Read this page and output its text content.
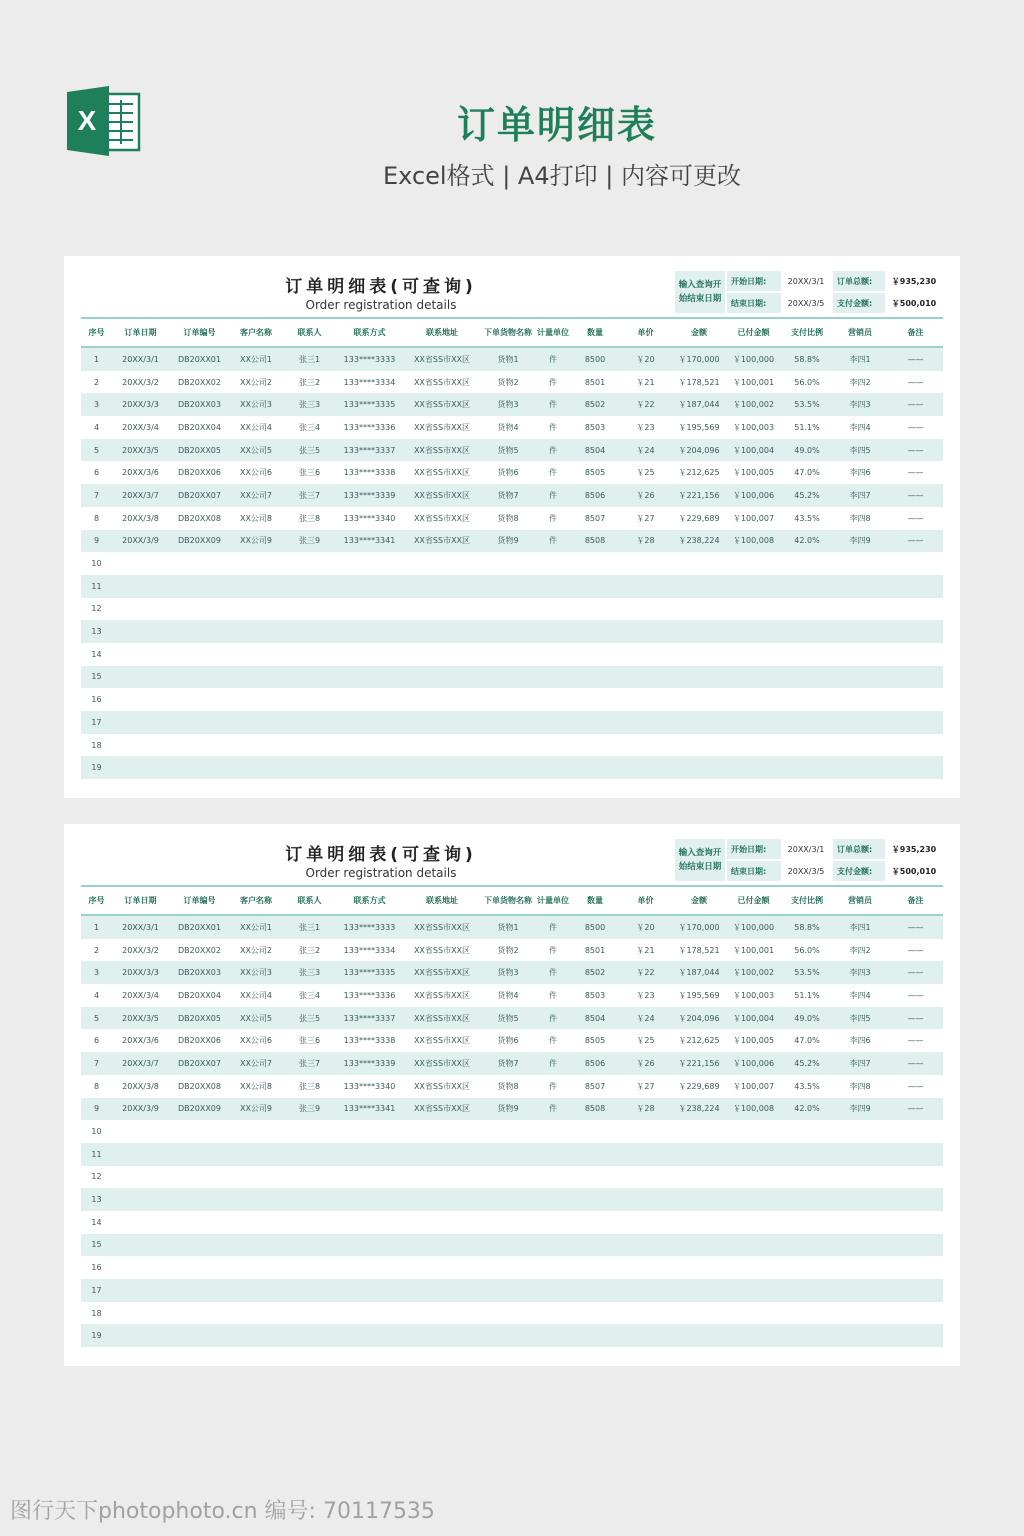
X	订单明细表
Excel格式 | A4打印 | 内容可更改
订单明细表(可查询)
Order registration details
输入查询开
始结束日期
开始日期:	20XX/3/1	订单总额:	￥935,230
结束日期:	20XX/3/5	支付金额:	￥500,010
序号	订单日期	订单编号	客户名称	联系人	联系方式	联系地址	下单货物名称	计量单位	数量	单价	金额	已付金额	支付比例	营销员	备注
1	20XX/3/1	DB20XX01	XX公司1	张三1	133****3333	XX省SS市XX区	货物1	件	8500	￥20	￥170,000	￥100,000	58.8%	李四1	——
2	20XX/3/2	DB20XX02	XX公司2	张三2	133****3334	XX省SS市XX区	货物2	件	8501	￥21	￥178,521	￥100,001	56.0%	李四2	——
3	20XX/3/3	DB20XX03	XX公司3	张三3	133****3335	XX省SS市XX区	货物3	件	8502	￥22	￥187,044	￥100,002	53.5%	李四3	——
4	20XX/3/4	DB20XX04	XX公司4	张三4	133****3336	XX省SS市XX区	货物4	件	8503	￥23	￥195,569	￥100,003	51.1%	李四4	——
5	20XX/3/5	DB20XX05	XX公司5	张三5	133****3337	XX省SS市XX区	货物5	件	8504	￥24	￥204,096	￥100,004	49.0%	李四5	——
6	20XX/3/6	DB20XX06	XX公司6	张三6	133****3338	XX省SS市XX区	货物6	件	8505	￥25	￥212,625	￥100,005	47.0%	李四6	——
7	20XX/3/7	DB20XX07	XX公司7	张三7	133****3339	XX省SS市XX区	货物7	件	8506	￥26	￥221,156	￥100,006	45.2%	李四7	——
8	20XX/3/8	DB20XX08	XX公司8	张三8	133****3340	XX省SS市XX区	货物8	件	8507	￥27	￥229,689	￥100,007	43.5%	李四8	——
9	20XX/3/9	DB20XX09	XX公司9	张三9	133****3341	XX省SS市XX区	货物9	件	8508	￥28	￥238,224	￥100,008	42.0%	李四9	——
10															
11															
12															
13															
14															
15															
16															
17															
18															
19															
订单明细表(可查询)
Order registration details
输入查询开
始结束日期
开始日期:	20XX/3/1	订单总额:	￥935,230
结束日期:	20XX/3/5	支付金额:	￥500,010
序号	订单日期	订单编号	客户名称	联系人	联系方式	联系地址	下单货物名称	计量单位	数量	单价	金额	已付金额	支付比例	营销员	备注
1	20XX/3/1	DB20XX01	XX公司1	张三1	133****3333	XX省SS市XX区	货物1	件	8500	￥20	￥170,000	￥100,000	58.8%	李四1	——
2	20XX/3/2	DB20XX02	XX公司2	张三2	133****3334	XX省SS市XX区	货物2	件	8501	￥21	￥178,521	￥100,001	56.0%	李四2	——
3	20XX/3/3	DB20XX03	XX公司3	张三3	133****3335	XX省SS市XX区	货物3	件	8502	￥22	￥187,044	￥100,002	53.5%	李四3	——
4	20XX/3/4	DB20XX04	XX公司4	张三4	133****3336	XX省SS市XX区	货物4	件	8503	￥23	￥195,569	￥100,003	51.1%	李四4	——
5	20XX/3/5	DB20XX05	XX公司5	张三5	133****3337	XX省SS市XX区	货物5	件	8504	￥24	￥204,096	￥100,004	49.0%	李四5	——
6	20XX/3/6	DB20XX06	XX公司6	张三6	133****3338	XX省SS市XX区	货物6	件	8505	￥25	￥212,625	￥100,005	47.0%	李四6	——
7	20XX/3/7	DB20XX07	XX公司7	张三7	133****3339	XX省SS市XX区	货物7	件	8506	￥26	￥221,156	￥100,006	45.2%	李四7	——
8	20XX/3/8	DB20XX08	XX公司8	张三8	133****3340	XX省SS市XX区	货物8	件	8507	￥27	￥229,689	￥100,007	43.5%	李四8	——
9	20XX/3/9	DB20XX09	XX公司9	张三9	133****3341	XX省SS市XX区	货物9	件	8508	￥28	￥238,224	￥100,008	42.0%	李四9	——
10															
11															
12															
13															
14															
15															
16															
17															
18															
19															
图行天下photophoto.cn 编号: 70117535
